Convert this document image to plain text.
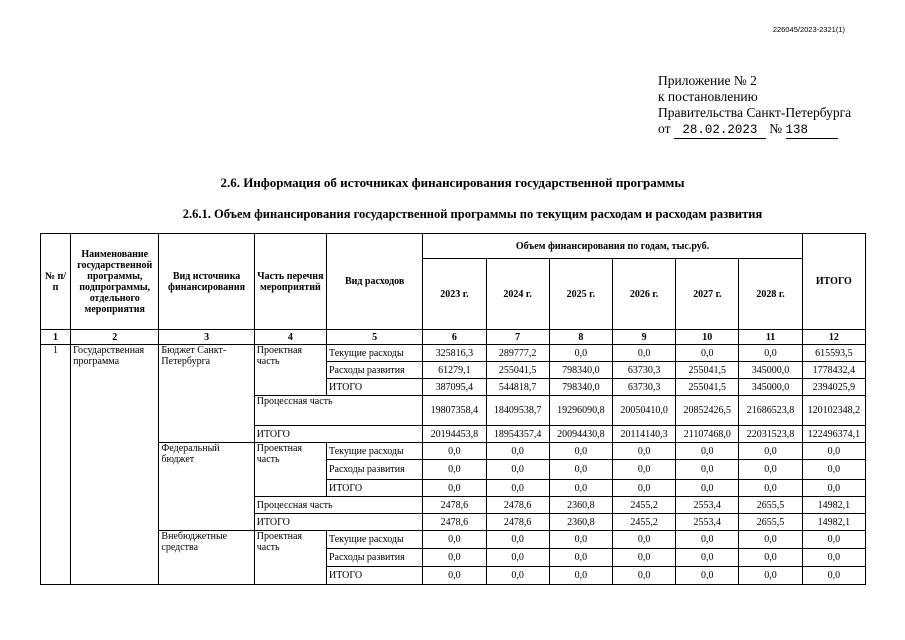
226045/2023-2321(1)
Приложение № 2
к постановлению
Правительства Санкт-Петербурга
от 28.02.2023 № 138
2.6. Информация об источниках финансирования государственной программы
2.6.1. Объем финансирования государственной программы по текущим расходам и расходам развития
№ п/п	Наименование государственной программы, подпрограммы, отдельного мероприятия	Вид источника финансирования	Часть перечня мероприятий	Вид расходов	Объем финансирования по годам, тыс.руб.						ИТОГО
					2023 г.	2024 г.	2025 г.	2026 г.	2027 г.	2028 г.	
1	2	3	4	5	6	7	8	9	10	11	12
1	Государственная программа	Бюджет Санкт-Петербурга	Проектная часть	Текущие расходы	325816,3	289777,2	0,0	0,0	0,0	0,0	615593,5
				Расходы развития	61279,1	255041,5	798340,0	63730,3	255041,5	345000,0	1778432,4
				ИТОГО	387095,4	544818,7	798340,0	63730,3	255041,5	345000,0	2394025,9
			Процессная часть		19807358,4	18409538,7	19296090,8	20050410,0	20852426,5	21686523,8	120102348,2
			ИТОГО		20194453,8	18954357,4	20094430,8	20114140,3	21107468,0	22031523,8	122496374,1
		Федеральный бюджет	Проектная часть	Текущие расходы	0,0	0,0	0,0	0,0	0,0	0,0	0,0
				Расходы развития	0,0	0,0	0,0	0,0	0,0	0,0	0,0
				ИТОГО	0,0	0,0	0,0	0,0	0,0	0,0	0,0
			Процессная часть		2478,6	2478,6	2360,8	2455,2	2553,4	2655,5	14982,1
			ИТОГО		2478,6	2478,6	2360,8	2455,2	2553,4	2655,5	14982,1
		Внебюджетные средства	Проектная часть	Текущие расходы	0,0	0,0	0,0	0,0	0,0	0,0	0,0
				Расходы развития	0,0	0,0	0,0	0,0	0,0	0,0	0,0
				ИТОГО	0,0	0,0	0,0	0,0	0,0	0,0	0,0
